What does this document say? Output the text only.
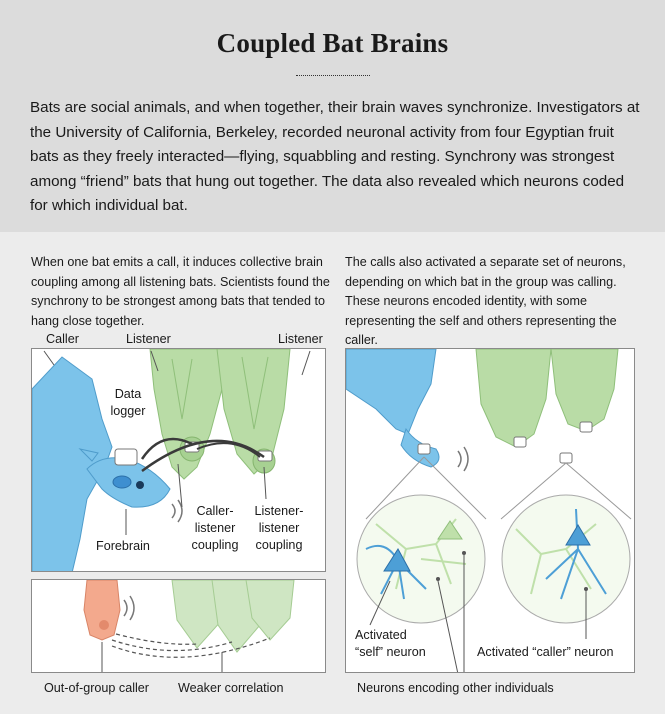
Coupled Bat Brains
Bats are social animals, and when together, their brain waves synchronize. Investigators at the University of California, Berkeley, recorded neuronal activity from four Egyptian fruit bats as they freely interacted—flying, squabbling and resting. Synchrony was strongest among “friend” bats that hung out together. The data also revealed which neurons coded for which individual bat.
When one bat emits a call, it induces collective brain coupling among all listening bats. Scientists found the synchrony to be strongest among bats that tended to hang close together.
The calls also activated a separate set of neurons, depending on which bat in the group was calling. These neurons encoded identity, with some representing the self and others representing the caller.
Caller	Listener	Listener
Data
logger
Forebrain
Caller-
listener
coupling
Listener-
listener
coupling
Out-of-group caller Weaker correlation
Activated
“self” neuron	Activated “caller” neuron
Neurons encoding other individuals
